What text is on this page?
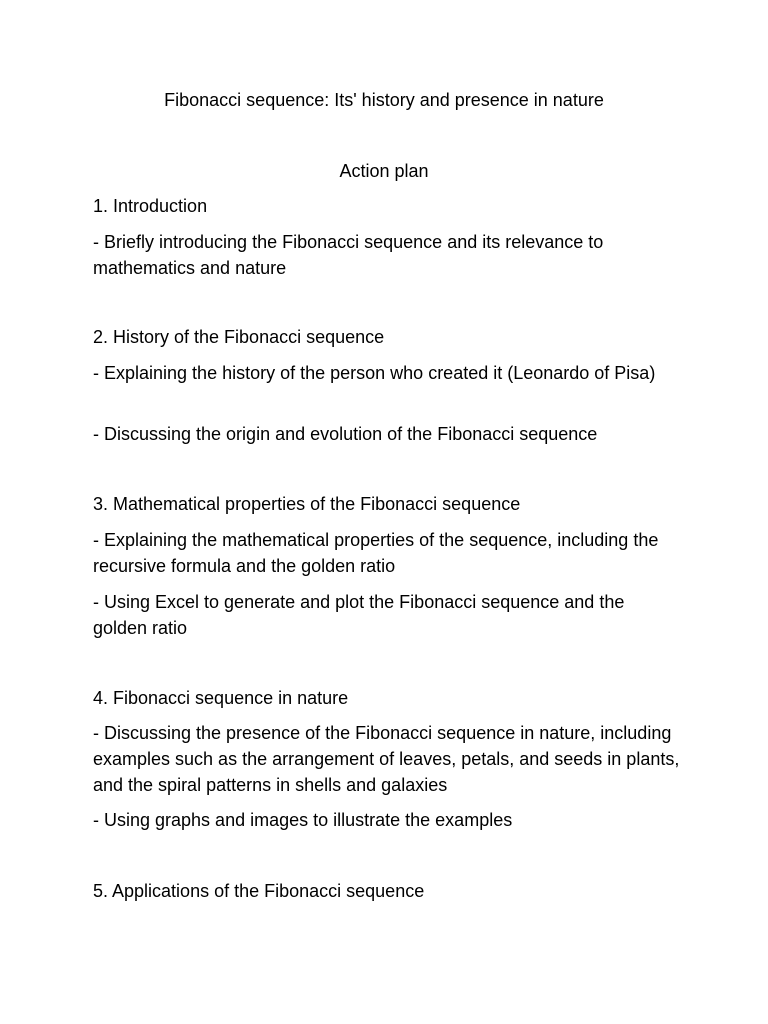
Fibonacci sequence: Its' history and presence in nature
Action plan
1. Introduction
- Briefly introducing the Fibonacci sequence and its relevance to mathematics and nature
2. History of the Fibonacci sequence
- Explaining the history of the person who created it (Leonardo of Pisa)
- Discussing the origin and evolution of the Fibonacci sequence
3. Mathematical properties of the Fibonacci sequence
- Explaining the mathematical properties of the sequence, including the recursive formula and the golden ratio
- Using Excel to generate and plot the Fibonacci sequence and the golden ratio
4. Fibonacci sequence in nature
- Discussing the presence of the Fibonacci sequence in nature, including examples such as the arrangement of leaves, petals, and seeds in plants, and the spiral patterns in shells and galaxies
- Using graphs and images to illustrate the examples
5. Applications of the Fibonacci sequence
